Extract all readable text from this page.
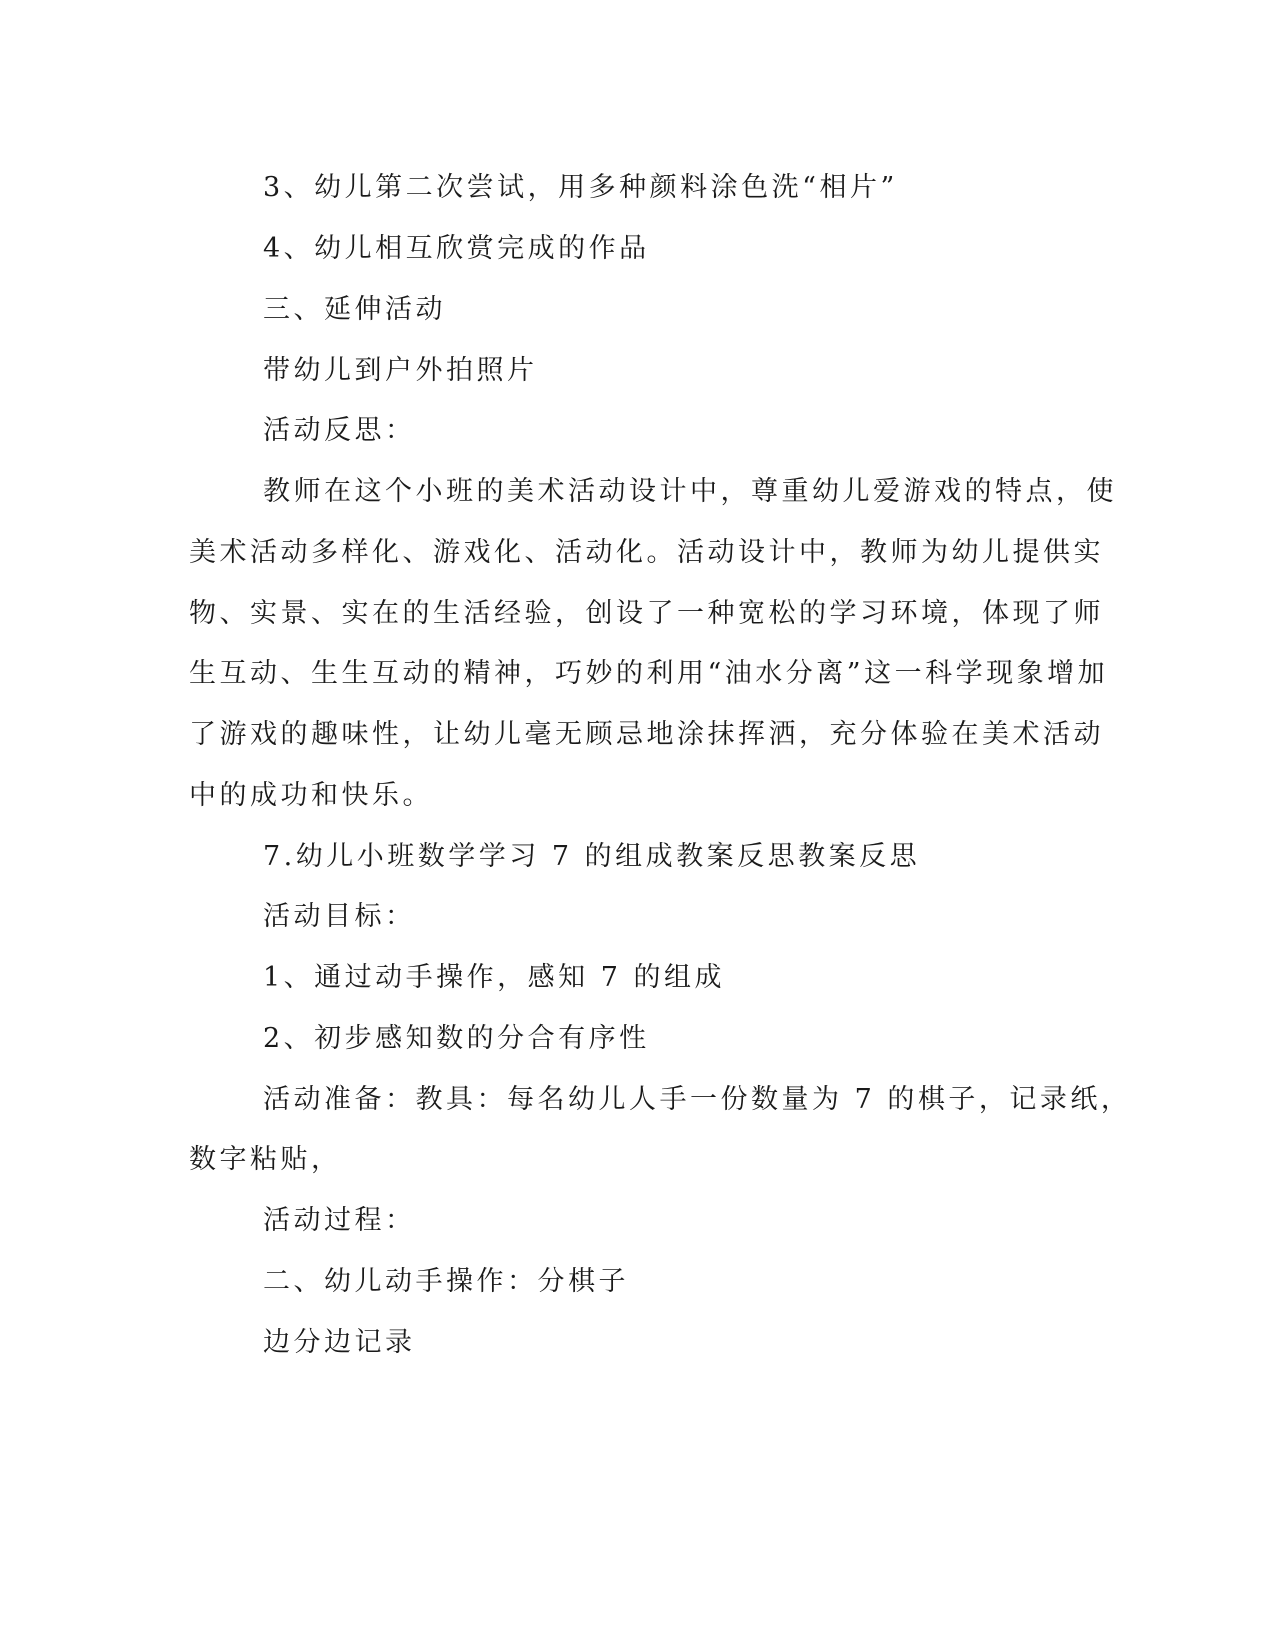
3、幼儿第二次尝试，用多种颜料涂色洗“相片”

4、幼儿相互欣赏完成的作品

三、延伸活动

带幼儿到户外拍照片

活动反思：

教师在这个小班的美术活动设计中，尊重幼儿爱游戏的特点，使

美术活动多样化、游戏化、活动化。活动设计中，教师为幼儿提供实

物、实景、实在的生活经验，创设了一种宽松的学习环境，体现了师

生互动、生生互动的精神，巧妙的利用“油水分离”这一科学现象增加

了游戏的趣味性，让幼儿毫无顾忌地涂抹挥洒，充分体验在美术活动

中的成功和快乐。

7.幼儿小班数学学习 7 的组成教案反思教案反思

活动目标：

1、通过动手操作，感知 7 的组成

2、初步感知数的分合有序性

活动准备：教具：每名幼儿人手一份数量为 7 的棋子，记录纸，

数字粘贴，

活动过程：

二、幼儿动手操作：分棋子

边分边记录
